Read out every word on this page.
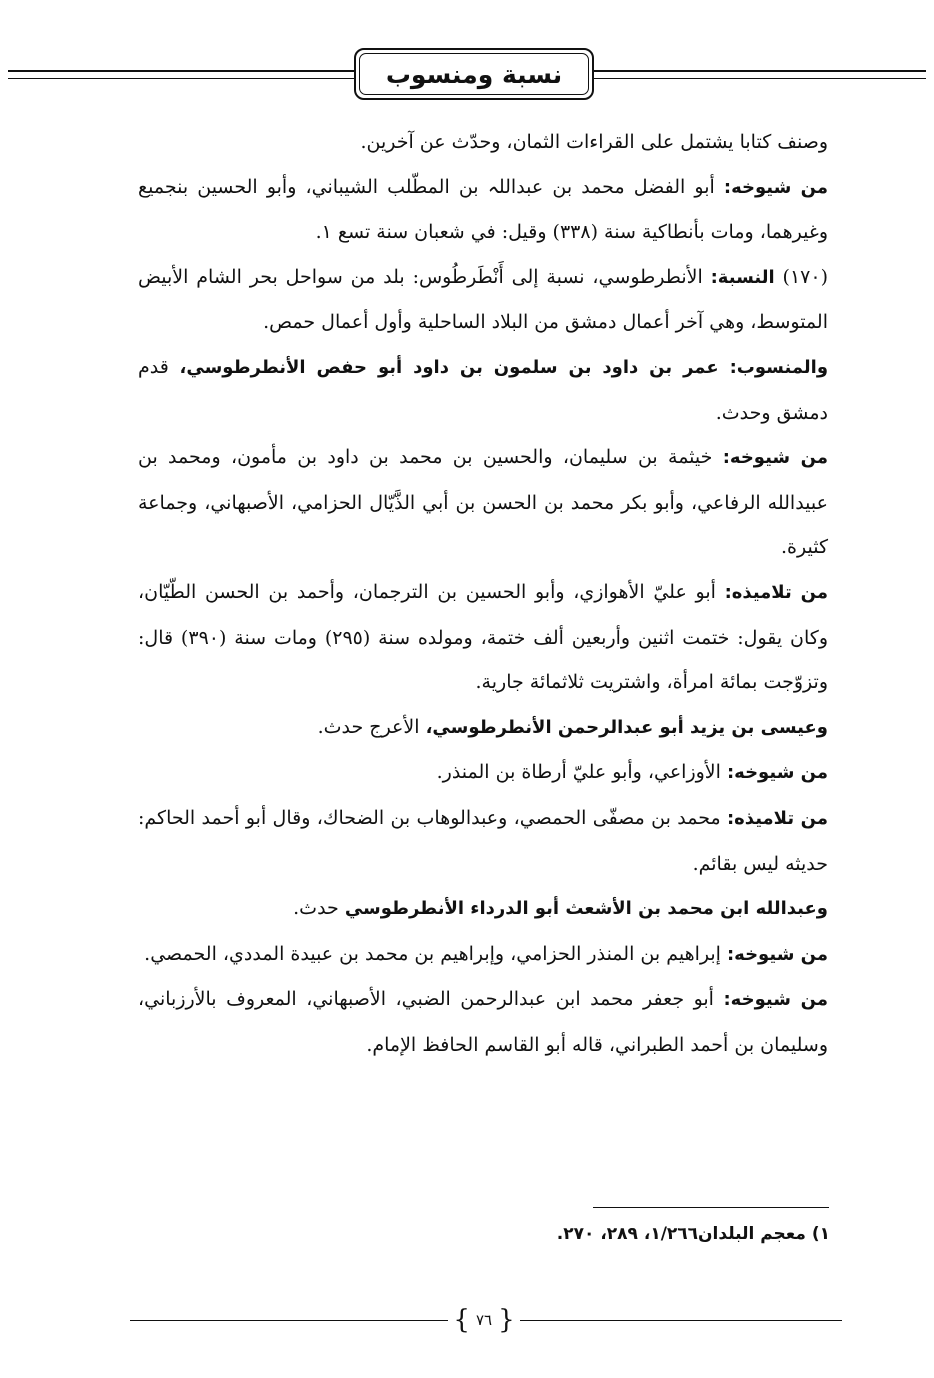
نسبة ومنسوب

وصنف كتابا يشتمل على القراءات الثمان، وحدّث عن آخرين.

من شيوخه: أبو الفضل محمد بن عبداللہ بن المطّلب الشيباني، وأبو الحسين بنجميع وغيرهما، ومات بأنطاكية سنة (٣٣٨) وقيل: في شعبان سنة تسع ١.

(١٧٠) النسبة: الأنطرطوسي، نسبة إلى أَنْطَرطُوس: بلد من سواحل بحر الشام الأبيض المتوسط، وهي آخر أعمال دمشق من البلاد الساحلية وأول أعمال حمص.

والمنسوب: عمر بن داود بن سلمون بن داود أبو حفص الأنطرطوسي، قدم دمشق وحدث.

من شيوخه: خيثمة بن سليمان، والحسين بن محمد بن داود بن مأمون، ومحمد بن عبيدالله الرفاعي، وأبو بكر محمد بن الحسن بن أبي الذَّيّال الحزامي، الأصبهاني، وجماعة كثيرة.

من تلاميذه: أبو عليّ الأهوازي، وأبو الحسين بن الترجمان، وأحمد بن الحسن الطّيّان، وكان يقول: ختمت اثنين وأربعين ألف ختمة، ومولده سنة (٢٩٥) ومات سنة (٣٩٠) قال: وتزوّجت بمائة امرأة، واشتريت ثلاثمائة جارية.

وعيسى بن يزيد أبو عبدالرحمن الأنطرطوسي، الأعرج حدث.

من شيوخه: الأوزاعي، وأبو عليّ أرطاة بن المنذر.

من تلاميذه: محمد بن مصفّى الحمصي، وعبدالوهاب بن الضحاك، وقال أبو أحمد الحاكم: حديثه ليس بقائم.

وعبدالله ابن محمد بن الأشعث أبو الدرداء الأنطرطوسي حدث.

من شيوخه: إبراهيم بن المنذر الحزامي، وإبراهيم بن محمد بن عبيدة المددي، الحمصي.

من شيوخه: أبو جعفر محمد ابن عبدالرحمن الضبي، الأصبهاني، المعروف بالأرزباني، وسليمان بن أحمد الطبراني، قاله أبو القاسم الحافظ الإمام.

١) معجم البلدان١/٢٦٦، ٢٨٩، ٢٧٠.
{ ٧٦ }
